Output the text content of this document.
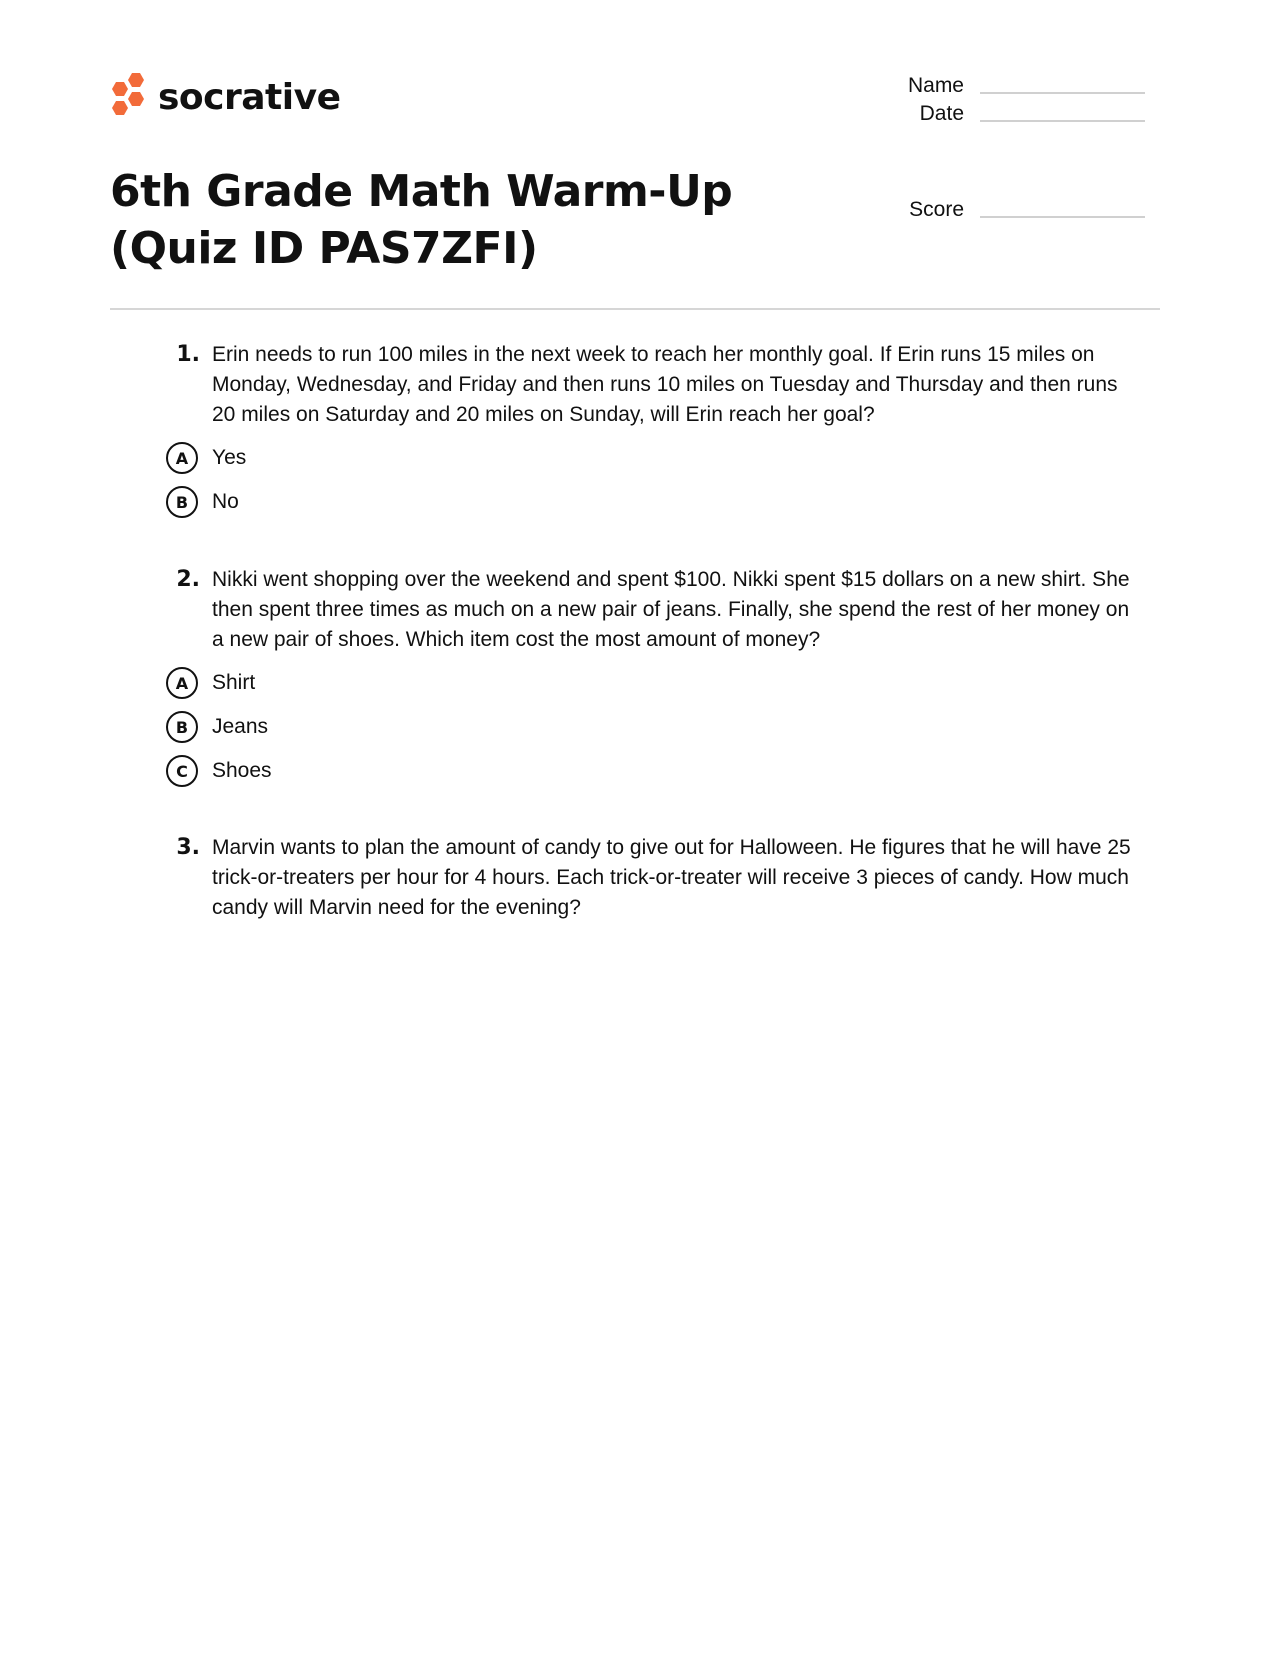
socrative	Name
Date
Score
6th Grade Math Warm-Up (Quiz ID PAS7ZFI)
1. Erin needs to run 100 miles in the next week to reach her monthly goal. If Erin runs 15 miles on Monday, Wednesday, and Friday and then runs 10 miles on Tuesday and Thursday and then runs 20 miles on Saturday and 20 miles on Sunday, will Erin reach her goal?
A	Yes
B	No
2. Nikki went shopping over the weekend and spent $100. Nikki spent $15 dollars on a new shirt. She then spent three times as much on a new pair of jeans. Finally, she spend the rest of her money on a new pair of shoes. Which item cost the most amount of money?
A	Shirt
B	Jeans
C	Shoes
3. Marvin wants to plan the amount of candy to give out for Halloween. He figures that he will have 25 trick-or-treaters per hour for 4 hours. Each trick-or-treater will receive 3 pieces of candy. How much candy will Marvin need for the evening?
